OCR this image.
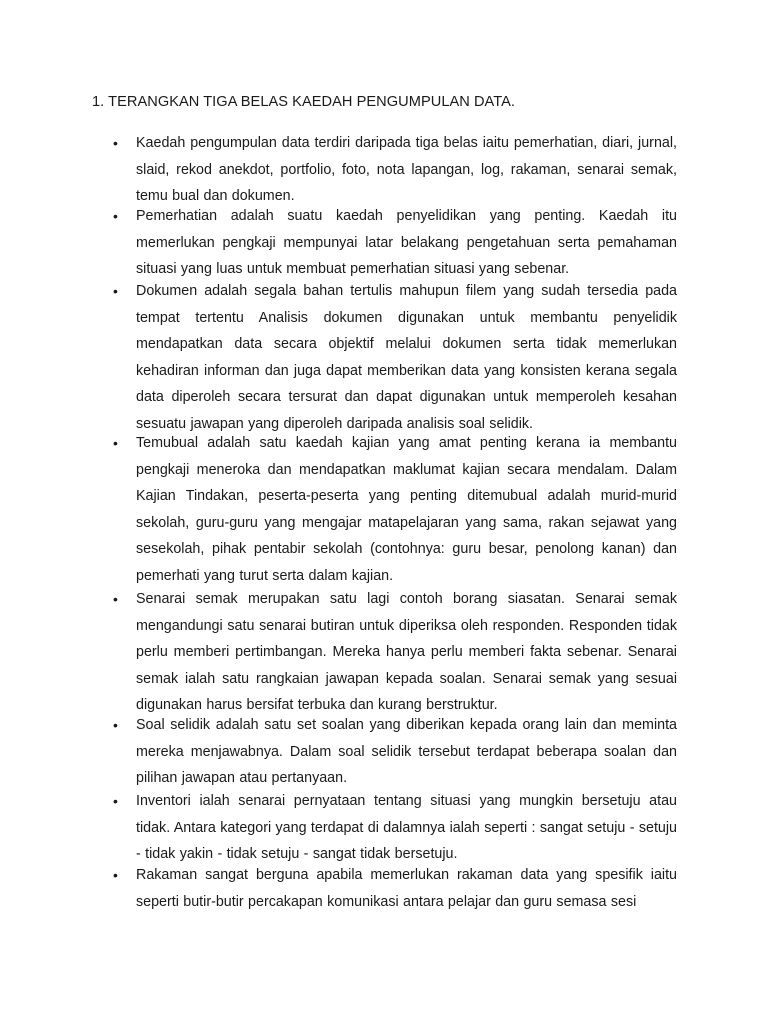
1. TERANGKAN TIGA BELAS KAEDAH PENGUMPULAN DATA.
• Kaedah pengumpulan data terdiri daripada tiga belas iaitu pemerhatian, diari, jurnal, slaid, rekod anekdot, portfolio, foto, nota lapangan, log, rakaman, senarai semak, temu bual dan dokumen.
• Pemerhatian adalah suatu kaedah penyelidikan yang penting. Kaedah itu memerlukan pengkaji mempunyai latar belakang pengetahuan serta pemahaman situasi yang luas untuk membuat pemerhatian situasi yang sebenar.
• Dokumen adalah segala bahan tertulis mahupun filem yang sudah tersedia pada tempat tertentu Analisis dokumen digunakan untuk membantu penyelidik mendapatkan data secara objektif melalui dokumen serta tidak memerlukan kehadiran informan dan juga dapat memberikan data yang konsisten kerana segala data diperoleh secara tersurat dan dapat digunakan untuk memperoleh kesahan sesuatu jawapan yang diperoleh daripada analisis soal selidik.
• Temubual adalah satu kaedah kajian yang amat penting kerana ia membantu pengkaji meneroka dan mendapatkan maklumat kajian secara mendalam. Dalam Kajian Tindakan, peserta-peserta yang penting ditemubual adalah murid-murid sekolah, guru-guru yang mengajar matapelajaran yang sama, rakan sejawat yang sesekolah, pihak pentabir sekolah (contohnya: guru besar, penolong kanan) dan pemerhati yang turut serta dalam kajian.
• Senarai semak merupakan satu lagi contoh borang siasatan. Senarai semak mengandungi satu senarai butiran untuk diperiksa oleh responden. Responden tidak perlu memberi pertimbangan. Mereka hanya perlu memberi fakta sebenar. Senarai semak ialah satu rangkaian jawapan kepada soalan. Senarai semak yang sesuai digunakan harus bersifat terbuka dan kurang berstruktur.
• Soal selidik adalah satu set soalan yang diberikan kepada orang lain dan meminta mereka menjawabnya. Dalam soal selidik tersebut terdapat beberapa soalan dan pilihan jawapan atau pertanyaan.
• Inventori ialah senarai pernyataan tentang situasi yang mungkin bersetuju atau tidak. Antara kategori yang terdapat di dalamnya ialah seperti : sangat setuju - setuju - tidak yakin - tidak setuju - sangat tidak bersetuju.
• Rakaman sangat berguna apabila memerlukan rakaman data yang spesifik iaitu seperti butir-butir percakapan komunikasi antara pelajar dan guru semasa sesi
